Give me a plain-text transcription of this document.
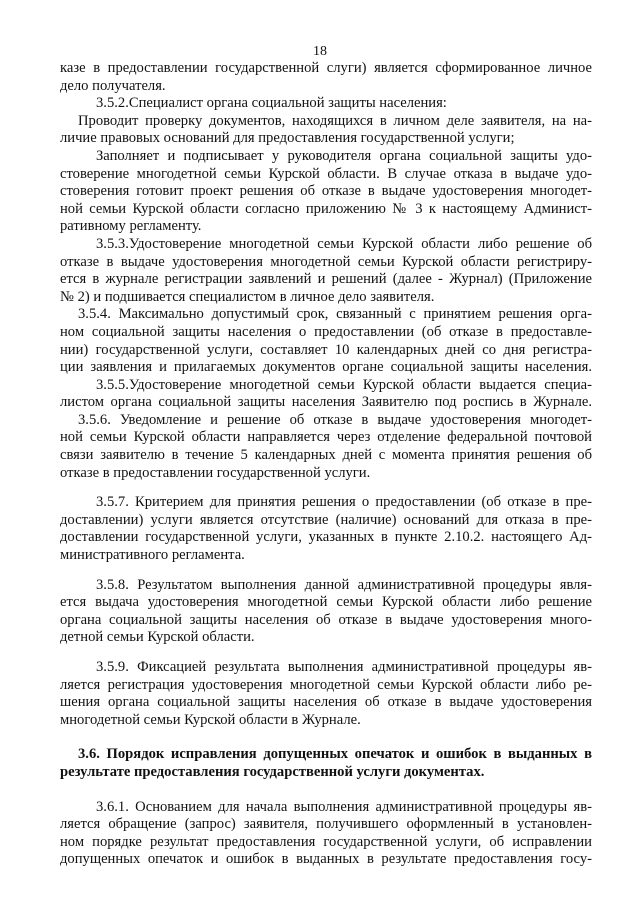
18
казе в предоставлении государственной слуги) является сформированное личное
дело получателя.
3.5.2.Специалист органа социальной защиты населения:
Проводит проверку документов, находящихся в личном деле заявителя, на на-
личие правовых оснований для предоставления государственной услуги;
Заполняет и подписывает у руководителя органа социальной защиты удо-
стоверение многодетной семьи Курской области. В случае отказа в выдаче удо-
стоверения готовит проект решения об отказе в выдаче удостоверения многодет-
ной семьи Курской области согласно приложению № 3 к настоящему Админист-
ративному регламенту.
3.5.3.Удостоверение многодетной семьи Курской области либо решение об
отказе в выдаче удостоверения многодетной семьи Курской области регистриру-
ется в журнале регистрации заявлений и решений (далее - Журнал) (Приложение
№ 2) и подшивается специалистом в личное дело заявителя.
3.5.4. Максимально допустимый срок, связанный с принятием решения орга-
ном социальной защиты населения о предоставлении (об отказе в предоставле-
нии) государственной услуги, составляет 10 календарных дней со дня регистра-
ции заявления и прилагаемых документов органе социальной защиты населения.
3.5.5.Удостоверение многодетной семьи Курской области выдается специа-
листом органа социальной защиты населения Заявителю под роспись в Журнале.
3.5.6. Уведомление и решение об отказе в выдаче удостоверения многодет-
ной семьи Курской области направляется через отделение федеральной почтовой
связи заявителю в течение 5 календарных дней с момента принятия решения об
отказе в предоставлении государственной услуги.
3.5.7. Критерием для принятия решения о предоставлении (об отказе в пре-
доставлении) услуги является отсутствие (наличие) оснований для отказа в пре-
доставлении государственной услуги, указанных в пункте 2.10.2. настоящего Ад-
министративного регламента.
3.5.8. Результатом выполнения данной административной процедуры явля-
ется выдача удостоверения многодетной семьи Курской области либо решение
органа социальной защиты населения об отказе в выдаче удостоверения много-
детной семьи Курской области.
3.5.9. Фиксацией результата выполнения административной процедуры яв-
ляется регистрация удостоверения многодетной семьи Курской области либо ре-
шения органа социальной защиты населения об отказе в выдаче удостоверения
многодетной семьи Курской области в Журнале.
3.6. Порядок исправления допущенных опечаток и ошибок в выданных в
результате предоставления государственной услуги документах.
3.6.1. Основанием для начала выполнения административной процедуры яв-
ляется обращение (запрос) заявителя, получившего оформленный в установлен-
ном порядке результат предоставления государственной услуги, об исправлении
допущенных опечаток и ошибок в выданных в результате предоставления госу-
